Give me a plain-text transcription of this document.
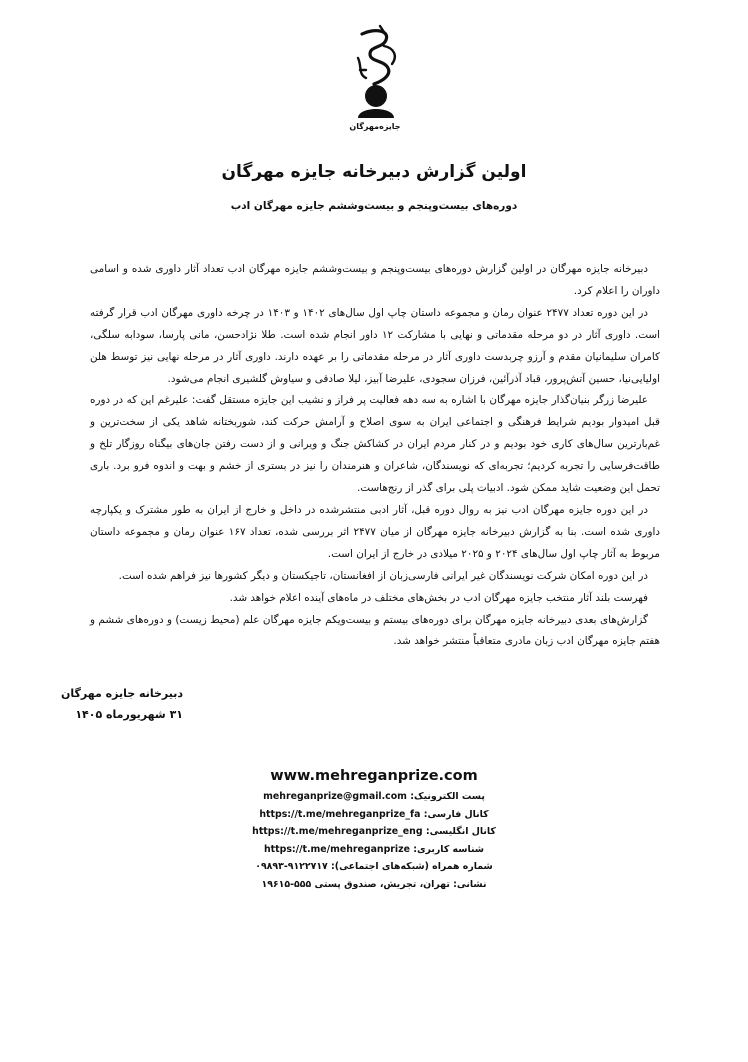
جایزه‌مهرگان
اولین گزارش دبیرخانه جایزه مهرگان
دوره‌های بیست‌وپنجم و بیست‌وششم جایزه مهرگان ادب

دبیرخانه جایزه مهرگان در اولین گزارش دوره‌های بیست‌وپنجم و بیست‌وششم جایزه مهرگان ادب تعداد آثار داوری شده و اسامی داوران را اعلام کرد.

در این دوره تعداد ۲۴۷۷ عنوان رمان و مجموعه داستان چاپ اول سال‌های ۱۴۰۲ و ۱۴۰۳ در چرخه داوری مهرگان ادب قرار گرفته است. داوری آثار در دو مرحله مقدماتی و نهایی با مشارکت ۱۲ داور انجام شده است. طلا نژادحسن، مانی پارسا، سودابه سلگی، کامران سلیمانیان مقدم و آرزو چربدست داوری آثار در مرحله مقدماتی را بر عهده دارند. داوری آثار در مرحله نهایی نیز توسط هلن اولیایی‌نیا، حسین آتش‌پرور، قباد آذرآئین، فرزان سجودی، علیرضا آبیز، لیلا صادقی و سیاوش گلشیری انجام می‌شود.

علیرضا زرگر بنیان‌گذار جایزه مهرگان با اشاره به سه دهه فعالیت پر فراز و نشیب این جایزه مستقل گفت: علیرغم این که در دوره قبل امیدوار بودیم شرایط فرهنگی و اجتماعی ایران به سوی اصلاح و آرامش حرکت کند، شوربختانه شاهد یکی از سخت‌ترین و غم‌بارترین سال‌های کاری خود بودیم و در کنار مردم ایران در کشاکش جنگ و ویرانی و از دست رفتن جان‌های بیگناه روزگار تلخ و طاقت‌فرسایی را تجربه کردیم؛ تجربه‌ای که نویسندگان، شاعران و هنرمندان را نیز در بستری از خشم و بهت و اندوه فرو برد. باری تحمل این وضعیت شاید ممکن شود. ادبیات پلی برای گذر از رنج‌هاست.

در این دوره جایزه مهرگان ادب نیز به روال دوره قبل، آثار ادبی منتشرشده در داخل و خارج از ایران به طور مشترک و یکپارچه داوری شده است. بنا به گزارش دبیرخانه جایزه مهرگان از میان ۲۴۷۷ اثر بررسی شده، تعداد ۱۶۷ عنوان رمان و مجموعه داستان مربوط به آثار چاپ اول سال‌های ۲۰۲۴ و ۲۰۲۵ میلادی در خارج از ایران است.

در این دوره امکان شرکت نویسندگان غیر ایرانی فارسی‌زبان از افغانستان، تاجیکستان و دیگر کشورها نیز فراهم شده است.

فهرست بلند آثار منتخب جایزه مهرگان ادب در بخش‌های مختلف در ماه‌های آینده اعلام خواهد شد.

گزارش‌های بعدی دبیرخانه جایزه مهرگان برای دوره‌های بیستم و بیست‌ویکم جایزه مهرگان علم (محیط زیست) و دوره‌های ششم و هفتم جایزه مهرگان ادب زبان مادری متعاقباً منتشر خواهد شد.

دبیرخانه جایزه مهرگان
۳۱ شهریورماه ۱۴۰۵
www.mehreganprize.com
پست الکترونیک: mehreganprize@gmail.com
کانال فارسی: https://t.me/mehreganprize_fa
کانال انگلیسی: https://t.me/mehreganprize_eng
شناسه کاربری: https://t.me/mehreganprize
شماره همراه (شبکه‌های اجتماعی): ۰۹۸۹۳-۹۱۲۲۷۱۷
نشانی: تهران، تجریش، صندوق پستی ۵۵۵-۱۹۶۱۵
